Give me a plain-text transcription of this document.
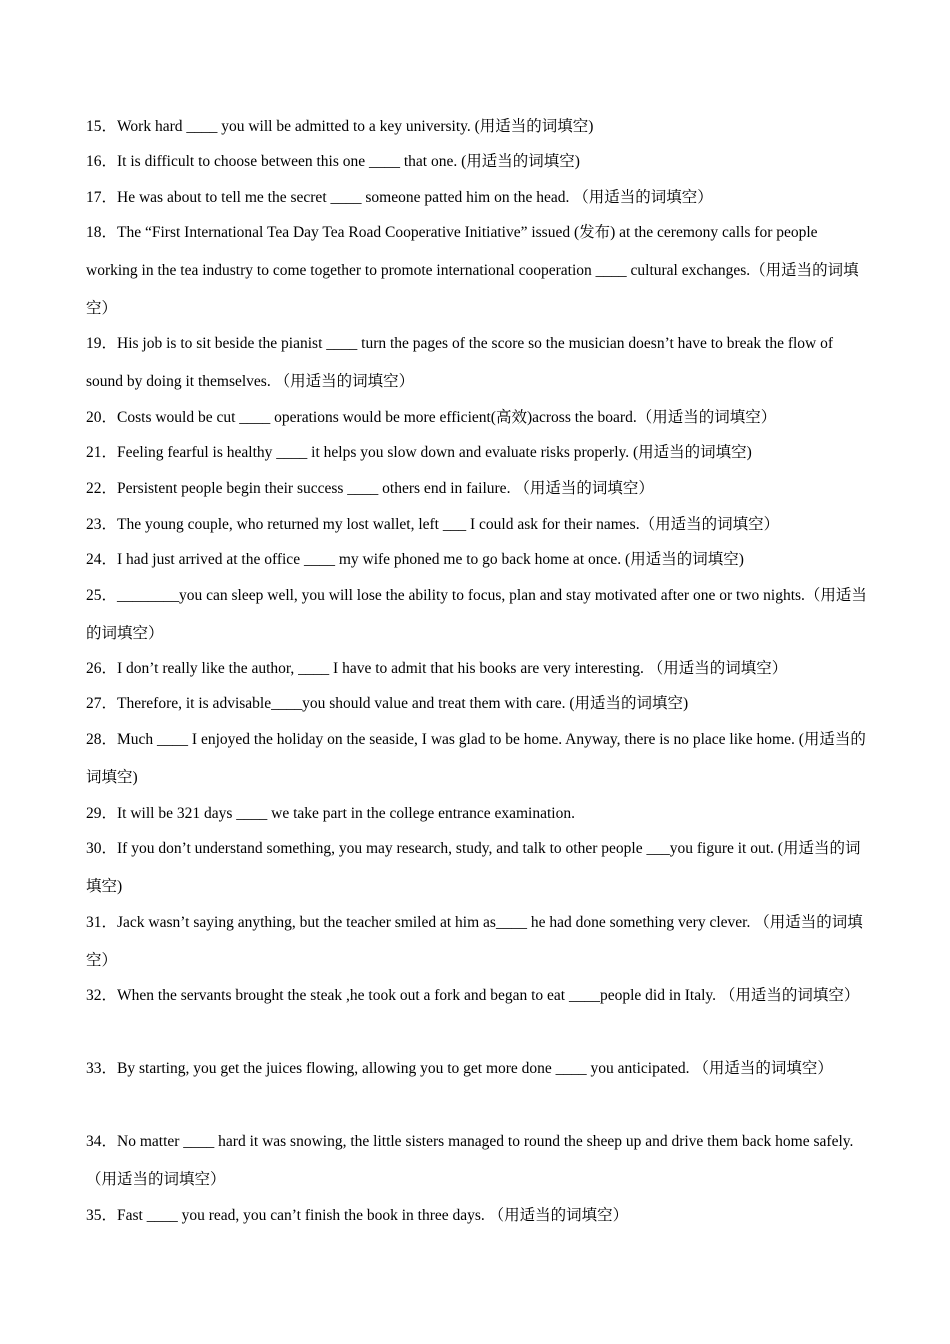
15．Work hard ____ you will be admitted to a key university. (用适当的词填空)
16．It is difficult to choose between this one ____ that one. (用适当的词填空)
17．He was about to tell me the secret ____ someone patted him on the head. （用适当的词填空）
18．The “First International Tea Day Tea Road Cooperative Initiative” issued (发布) at the ceremony calls for people working in the tea industry to come together to promote international cooperation ____ cultural exchanges.（用适当的词填空）
19．His job is to sit beside the pianist ____ turn the pages of the score so the musician doesn’t have to break the flow of sound by doing it themselves. （用适当的词填空）
20．Costs would be cut ____ operations would be more efficient(高效)across the board.（用适当的词填空）
21．Feeling fearful is healthy ____ it helps you slow down and evaluate risks properly. (用适当的词填空)
22．Persistent people begin their success ____ others end in failure. （用适当的词填空）
23．The young couple, who returned my lost wallet, left ___ I could ask for their names.（用适当的词填空）
24．I had just arrived at the office ____ my wife phoned me to go back home at once. (用适当的词填空)
25．________you can sleep well, you will lose the ability to focus, plan and stay motivated after one or two nights.（用适当的词填空）
26．I don’t really like the author, ____ I have to admit that his books are very interesting. （用适当的词填空）
27．Therefore, it is advisable____you should value and treat them with care. (用适当的词填空)
28．Much ____ I enjoyed the holiday on the seaside, I was glad to be home. Anyway, there is no place like home. (用适当的词填空)
29．It will be 321 days ____ we take part in the college entrance examination.
30．If you don’t understand something, you may research, study, and talk to other people ___you figure it out. (用适当的词填空)
31．Jack wasn’t saying anything, but the teacher smiled at him as____ he had done something very clever. （用适当的词填空）
32．When the servants brought the steak ,he took out a fork and began to eat ____people did in Italy. （用适当的词填空）
33．By starting, you get the juices flowing, allowing you to get more done ____ you anticipated. （用适当的词填空）
34．No matter ____ hard it was snowing, the little sisters managed to round the sheep up and drive them back home safely. （用适当的词填空）
35．Fast ____ you read, you can’t finish the book in three days. （用适当的词填空）
